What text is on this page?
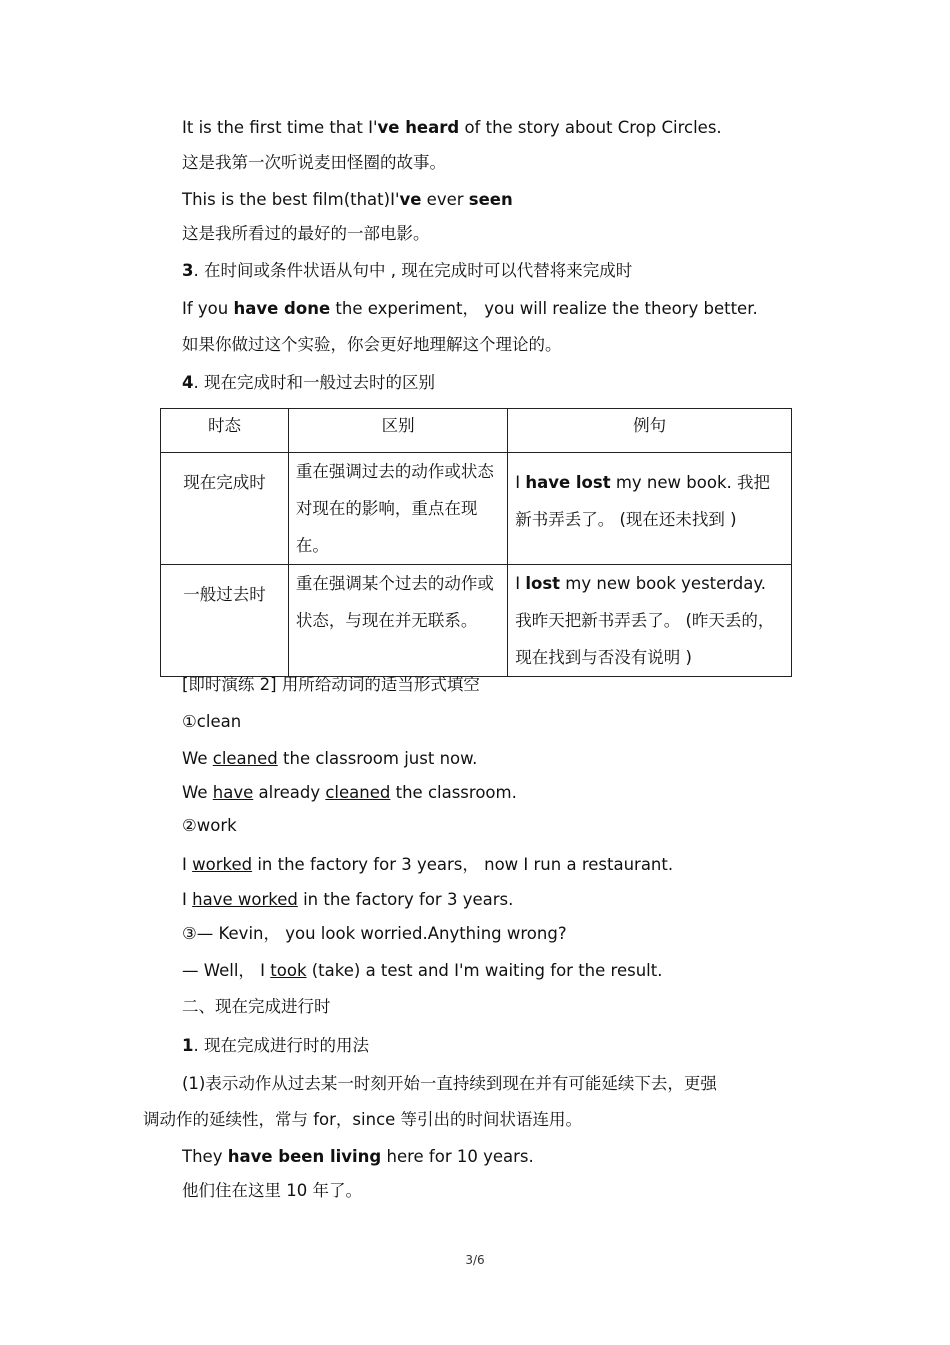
It is the first time that I've heard of the story about Crop Circles.
这是我第一次听说麦田怪圈的故事。
This is the best film(that)I've ever seen
这是我所看过的最好的一部电影。
3. 在时间或条件状语从句中 , 现在完成时可以代替将来完成时
If you have done the experiment， you will realize the theory better.
如果你做过这个实验，你会更好地理解这个理论的。
4. 现在完成时和一般过去时的区别
时态	区别	例句
现在完成时	重在强调过去的动作或状态对现在的影响，重点在现在。	I have lost my new book. 我把新书弄丢了。 (现在还未找到 )
一般过去时	重在强调某个过去的动作或状态，与现在并无联系。	I lost my new book yesterday. 我昨天把新书弄丢了。 (昨天丢的，现在找到与否没有说明 )
[即时演练 2] 用所给动词的适当形式填空
①clean
We cleaned the classroom just now.
We have already cleaned the classroom.
②work
I worked in the factory for 3 years， now I run a restaurant.
I have worked in the factory for 3 years.
③— Kevin， you look worried.Anything wrong?
— Well， I took (take) a test and I'm waiting for the result.
二、现在完成进行时
1. 现在完成进行时的用法
(1)表示动作从过去某一时刻开始一直持续到现在并有可能延续下去，更强
调动作的延续性，常与 for，since 等引出的时间状语连用。
They have been living here for 10 years.
他们住在这里 10 年了。
3/6
